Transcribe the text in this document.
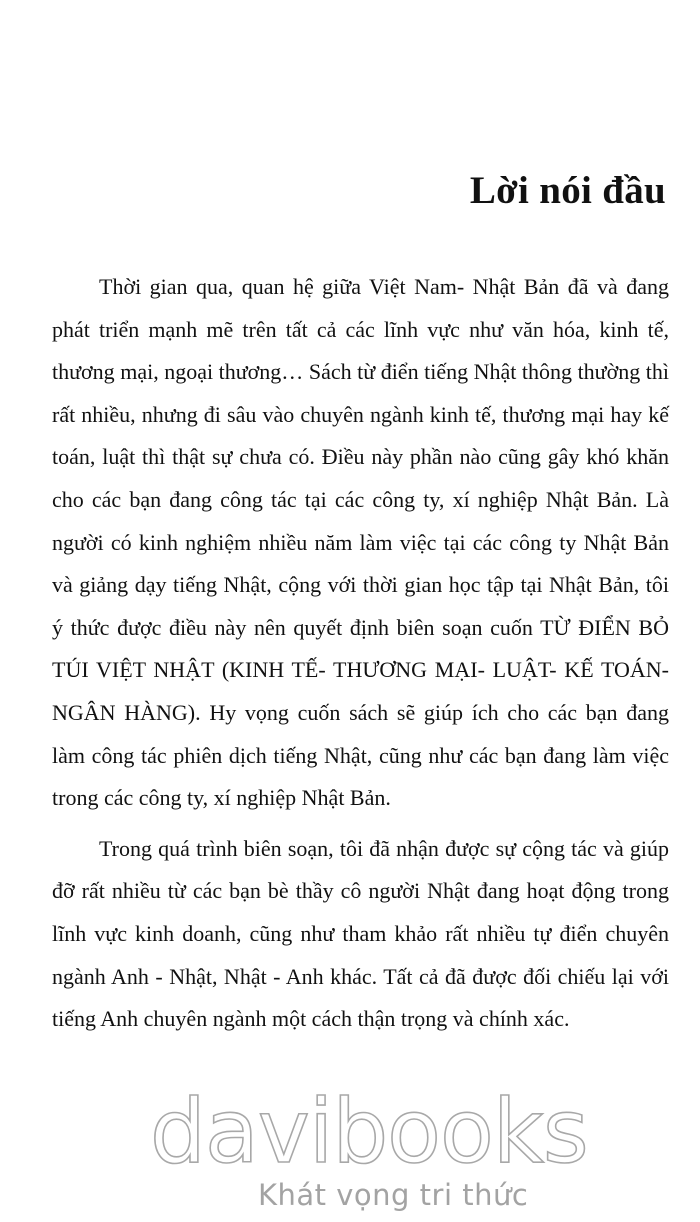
Lời nói đầu

Thời gian qua, quan hệ giữa Việt Nam- Nhật Bản đã và đang phát triển mạnh mẽ trên tất cả các lĩnh vực như văn hóa, kinh tế, thương mại, ngoại thương… Sách từ điển tiếng Nhật thông thường thì rất nhiều, nhưng đi sâu vào chuyên ngành kinh tế, thương mại hay kế toán, luật thì thật sự chưa có. Điều này phần nào cũng gây khó khăn cho các bạn đang công tác tại các công ty, xí nghiệp Nhật Bản. Là người có kinh nghiệm nhiều năm làm việc tại các công ty Nhật Bản và giảng dạy tiếng Nhật, cộng với thời gian học tập tại Nhật Bản, tôi ý thức được điều này nên quyết định biên soạn cuốn TỪ ĐIỂN BỎ TÚI VIỆT NHẬT (KINH TẾ- THƯƠNG MẠI- LUẬT- KẾ TOÁN- NGÂN HÀNG). Hy vọng cuốn sách sẽ giúp ích cho các bạn đang làm công tác phiên dịch tiếng Nhật, cũng như các bạn đang làm việc trong các công ty, xí nghiệp Nhật Bản.

Trong quá trình biên soạn, tôi đã nhận được sự cộng tác và giúp đỡ rất nhiều từ các bạn bè thầy cô người Nhật đang hoạt động trong lĩnh vực kinh doanh, cũng như tham khảo rất nhiều tự điển chuyên ngành Anh - Nhật, Nhật - Anh khác. Tất cả đã được đối chiếu lại với tiếng Anh chuyên ngành một cách thận trọng và chính xác.

davibooks

Khát vọng tri thức
